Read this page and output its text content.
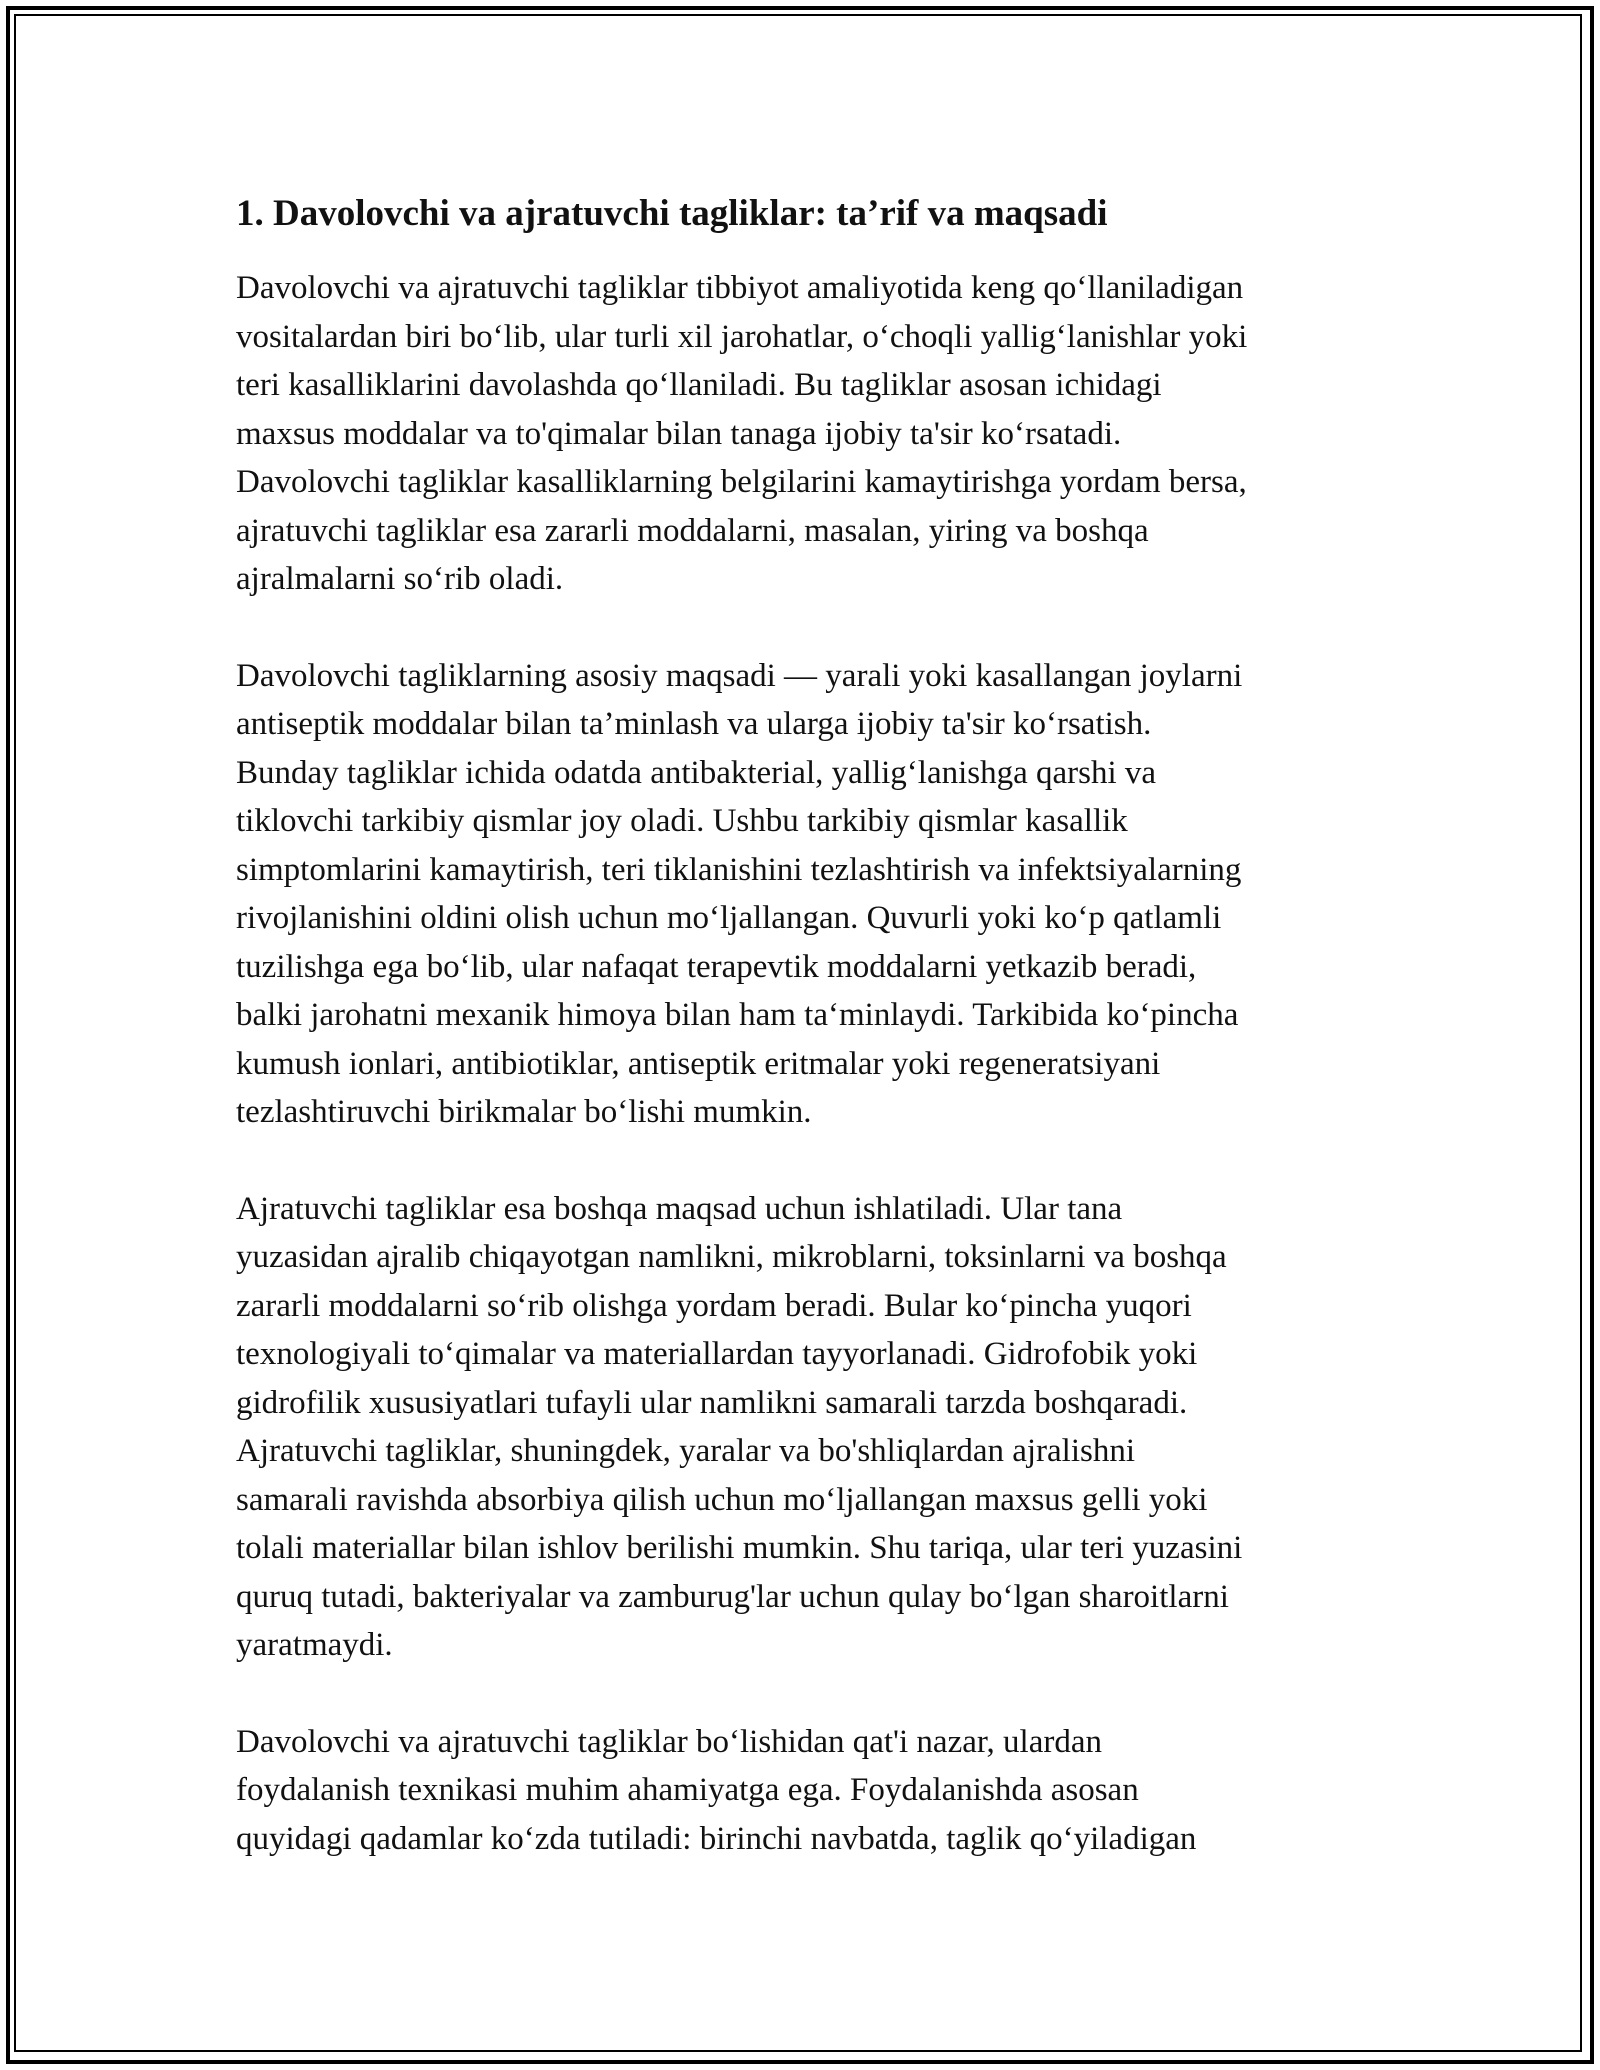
1. Davolovchi va ajratuvchi tagliklar: ta’rif va maqsadi

Davolovchi va ajratuvchi tagliklar tibbiyot amaliyotida keng qo‘llaniladigan
vositalardan biri bo‘lib, ular turli xil jarohatlar, o‘choqli yallig‘lanishlar yoki
teri kasalliklarini davolashda qo‘llaniladi. Bu tagliklar asosan ichidagi
maxsus moddalar va to'qimalar bilan tanaga ijobiy ta'sir ko‘rsatadi.
Davolovchi tagliklar kasalliklarning belgilarini kamaytirishga yordam bersa,
ajratuvchi tagliklar esa zararli moddalarni, masalan, yiring va boshqa
ajralmalarni so‘rib oladi.

Davolovchi tagliklarning asosiy maqsadi — yarali yoki kasallangan joylarni
antiseptik moddalar bilan ta’minlash va ularga ijobiy ta'sir ko‘rsatish.
Bunday tagliklar ichida odatda antibakterial, yallig‘lanishga qarshi va
tiklovchi tarkibiy qismlar joy oladi. Ushbu tarkibiy qismlar kasallik
simptomlarini kamaytirish, teri tiklanishini tezlashtirish va infektsiyalarning
rivojlanishini oldini olish uchun mo‘ljallangan. Quvurli yoki ko‘p qatlamli
tuzilishga ega bo‘lib, ular nafaqat terapevtik moddalarni yetkazib beradi,
balki jarohatni mexanik himoya bilan ham ta‘minlaydi. Tarkibida ko‘pincha
kumush ionlari, antibiotiklar, antiseptik eritmalar yoki regeneratsiyani
tezlashtiruvchi birikmalar bo‘lishi mumkin.

Ajratuvchi tagliklar esa boshqa maqsad uchun ishlatiladi. Ular tana
yuzasidan ajralib chiqayotgan namlikni, mikroblarni, toksinlarni va boshqa
zararli moddalarni so‘rib olishga yordam beradi. Bular ko‘pincha yuqori
texnologiyali to‘qimalar va materiallardan tayyorlanadi. Gidrofobik yoki
gidrofilik xususiyatlari tufayli ular namlikni samarali tarzda boshqaradi.
Ajratuvchi tagliklar, shuningdek, yaralar va bo'shliqlardan ajralishni
samarali ravishda absorbiya qilish uchun mo‘ljallangan maxsus gelli yoki
tolali materiallar bilan ishlov berilishi mumkin. Shu tariqa, ular teri yuzasini
quruq tutadi, bakteriyalar va zamburug'lar uchun qulay bo‘lgan sharoitlarni
yaratmaydi.

Davolovchi va ajratuvchi tagliklar bo‘lishidan qat'i nazar, ulardan
foydalanish texnikasi muhim ahamiyatga ega. Foydalanishda asosan
quyidagi qadamlar ko‘zda tutiladi: birinchi navbatda, taglik qo‘yiladigan
